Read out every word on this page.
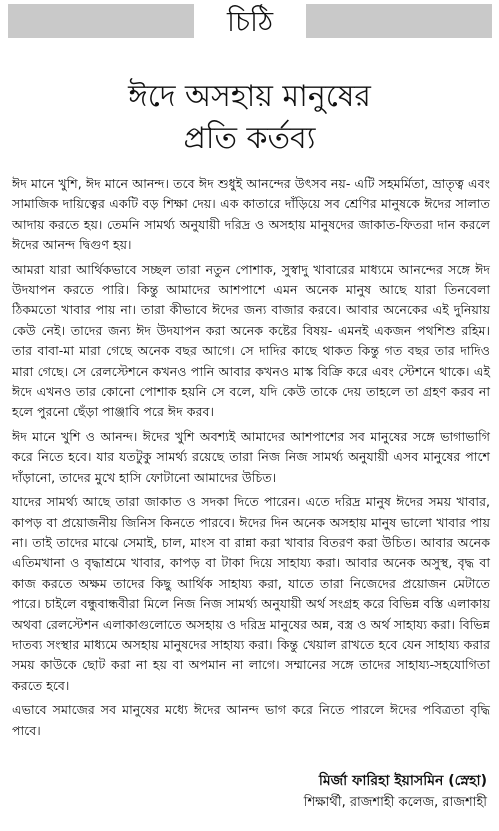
চিঠি
ঈদে অসহায় মানুষের
প্রতি কর্তব্য

ঈদ মানে খুশি, ঈদ মানে আনন্দ। তবে ঈদ শুধুই আনন্দের উৎসব নয়- এটি সহমর্মিতা, ভ্রাতৃত্ব এবং সামাজিক দায়িত্বের একটি বড় শিক্ষা দেয়। এক কাতারে দাঁড়িয়ে সব শ্রেণির মানুষকে ঈদের সালাত আদায় করতে হয়। তেমনি সামর্থ্য অনুযায়ী দরিদ্র ও অসহায় মানুষদের জাকাত-ফিতরা দান করলে ঈদের আনন্দ দ্বিগুণ হয়।

আমরা যারা আর্থিকভাবে সচ্ছল তারা নতুন পোশাক, সুস্বাদু খাবারের মাধ্যমে আনন্দের সঙ্গে ঈদ উদযাপন করতে পারি। কিন্তু আমাদের আশপাশে এমন অনেক মানুষ আছে যারা তিনবেলা ঠিকমতো খাবার পায় না। তারা কীভাবে ঈদের জন্য বাজার করবে। আবার অনেকের এই দুনিয়ায় কেউ নেই। তাদের জন্য ঈদ উদযাপন করা অনেক কষ্টের বিষয়- এমনই একজন পথশিশু রহিম। তার বাবা-মা মারা গেছে অনেক বছর আগে। সে দাদির কাছে থাকত কিন্তু গত বছর তার দাদিও মারা গেছে। সে রেলস্টেশনে কখনও পানি আবার কখনও মাস্ক বিক্রি করে এবং স্টেশনে থাকে। এই ঈদে এখনও তার কোনো পোশাক হয়নি সে বলে, যদি কেউ তাকে দেয় তাহলে তা গ্রহণ করব না হলে পুরনো ছেঁড়া পাঞ্জাবি পরে ঈদ করব।

ঈদ মানে খুশি ও আনন্দ। ঈদের খুশি অবশ্যই আমাদের আশপাশের সব মানুষের সঙ্গে ভাগাভাগি করে নিতে হবে। যার যতটুকু সামর্থ্য রয়েছে তারা নিজ নিজ সামর্থ্য অনুযায়ী এসব মানুষের পাশে দাঁড়ানো, তাদের মুখে হাসি ফোটানো আমাদের উচিত।

যাদের সামর্থ্য আছে তারা জাকাত ও সদকা দিতে পারেন। এতে দরিদ্র মানুষ ঈদের সময় খাবার, কাপড় বা প্রয়োজনীয় জিনিস কিনতে পারবে। ঈদের দিন অনেক অসহায় মানুষ ভালো খাবার পায় না। তাই তাদের মাঝে সেমাই, চাল, মাংস বা রান্না করা খাবার বিতরণ করা উচিত। আবার অনেক এতিমখানা ও বৃদ্ধাশ্রমে খাবার, কাপড় বা টাকা দিয়ে সাহায্য করা। আবার অনেক অসুস্থ, বৃদ্ধ বা কাজ করতে অক্ষম তাদের কিছু আর্থিক সাহায্য করা, যাতে তারা নিজেদের প্রয়োজন মেটাতে পারে। চাইলে বন্ধুবান্ধবীরা মিলে নিজ নিজ সামর্থ্য অনুযায়ী অর্থ সংগ্রহ করে বিভিন্ন বস্তি এলাকায় অথবা রেলস্টেশন এলাকাগুলোতে অসহায় ও দরিদ্র মানুষের অন্ন, বস্ত্র ও অর্থ সাহায্য করা। বিভিন্ন দাতব্য সংস্থার মাধ্যমে অসহায় মানুষদের সাহায্য করা। কিন্তু খেয়াল রাখতে হবে যেন সাহায্য করার সময় কাউকে ছোট করা না হয় বা অপমান না লাগে। সম্মানের সঙ্গে তাদের সাহায্য-সহযোগিতা করতে হবে।

এভাবে সমাজের সব মানুষের মধ্যে ঈদের আনন্দ ভাগ করে নিতে পারলে ঈদের পবিত্রতা বৃদ্ধি পাবে।

মির্জা ফারিহা ইয়াসমিন (স্নেহা)
শিক্ষার্থী, রাজশাহী কলেজ, রাজশাহী
